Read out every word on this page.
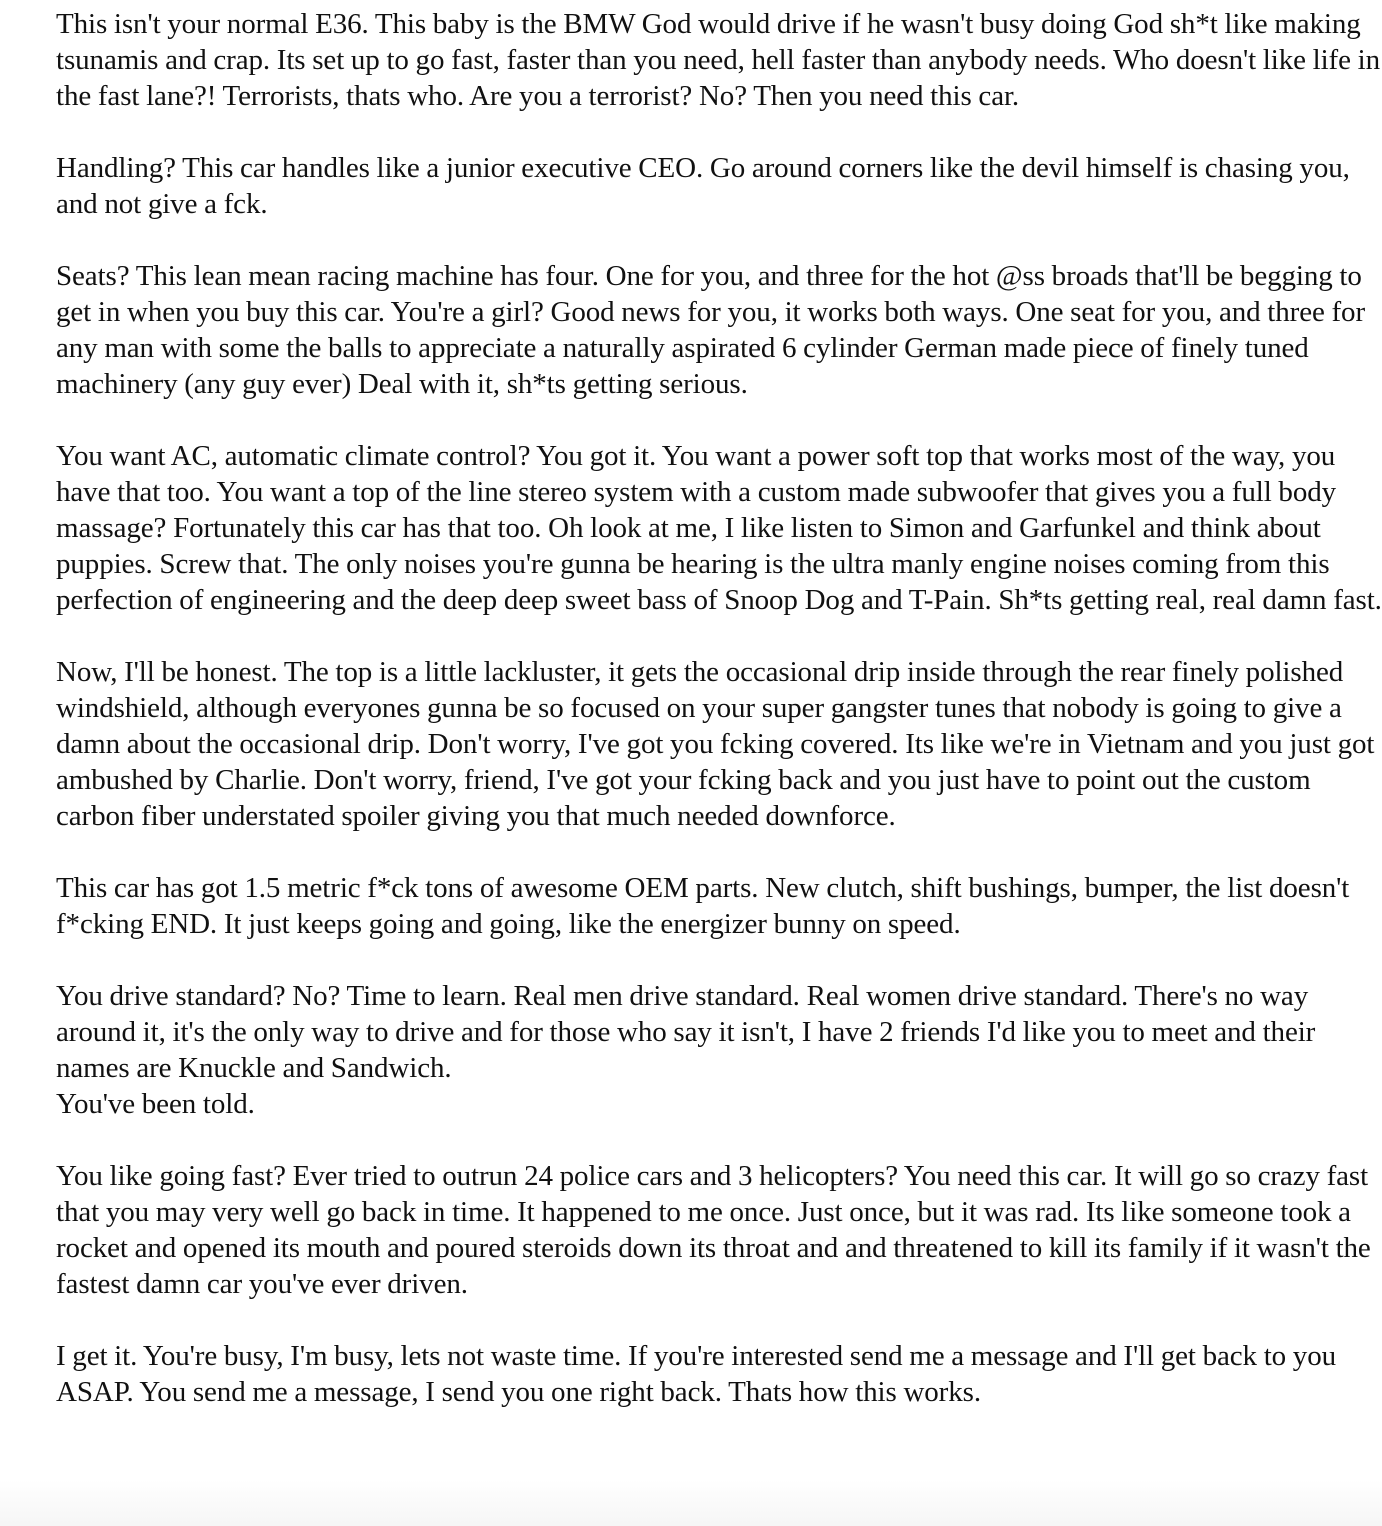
This isn't your normal E36. This baby is the BMW God would drive if he wasn't busy doing God sh*t like making tsunamis and crap. Its set up to go fast, faster than you need, hell faster than anybody needs. Who doesn't like life in the fast lane?! Terrorists, thats who. Are you a terrorist? No? Then you need this car.

Handling? This car handles like a junior executive CEO. Go around corners like the devil himself is chasing you, and not give a fck.

Seats? This lean mean racing machine has four. One for you, and three for the hot @ss broads that'll be begging to get in when you buy this car. You're a girl? Good news for you, it works both ways. One seat for you, and three for any man with some the balls to appreciate a naturally aspirated 6 cylinder German made piece of finely tuned machinery (any guy ever) Deal with it, sh*ts getting serious.

You want AC, automatic climate control? You got it. You want a power soft top that works most of the way, you have that too. You want a top of the line stereo system with a custom made subwoofer that gives you a full body massage? Fortunately this car has that too. Oh look at me, I like listen to Simon and Garfunkel and think about puppies. Screw that. The only noises you're gunna be hearing is the ultra manly engine noises coming from this perfection of engineering and the deep deep sweet bass of Snoop Dog and T-Pain. Sh*ts getting real, real damn fast.

Now, I'll be honest. The top is a little lackluster, it gets the occasional drip inside through the rear finely polished windshield, although everyones gunna be so focused on your super gangster tunes that nobody is going to give a damn about the occasional drip. Don't worry, I've got you fcking covered. Its like we're in Vietnam and you just got ambushed by Charlie. Don't worry, friend, I've got your fcking back and you just have to point out the custom carbon fiber understated spoiler giving you that much needed downforce.

This car has got 1.5 metric f*ck tons of awesome OEM parts. New clutch, shift bushings, bumper, the list doesn't f*cking END. It just keeps going and going, like the energizer bunny on speed.

You drive standard? No? Time to learn. Real men drive standard. Real women drive standard. There's no way around it, it's the only way to drive and for those who say it isn't, I have 2 friends I'd like you to meet and their names are Knuckle and Sandwich.

You've been told.

You like going fast? Ever tried to outrun 24 police cars and 3 helicopters? You need this car. It will go so crazy fast that you may very well go back in time. It happened to me once. Just once, but it was rad. Its like someone took a rocket and opened its mouth and poured steroids down its throat and and threatened to kill its family if it wasn't the fastest damn car you've ever driven.

I get it. You're busy, I'm busy, lets not waste time. If you're interested send me a message and I'll get back to you ASAP. You send me a message, I send you one right back. Thats how this works.
